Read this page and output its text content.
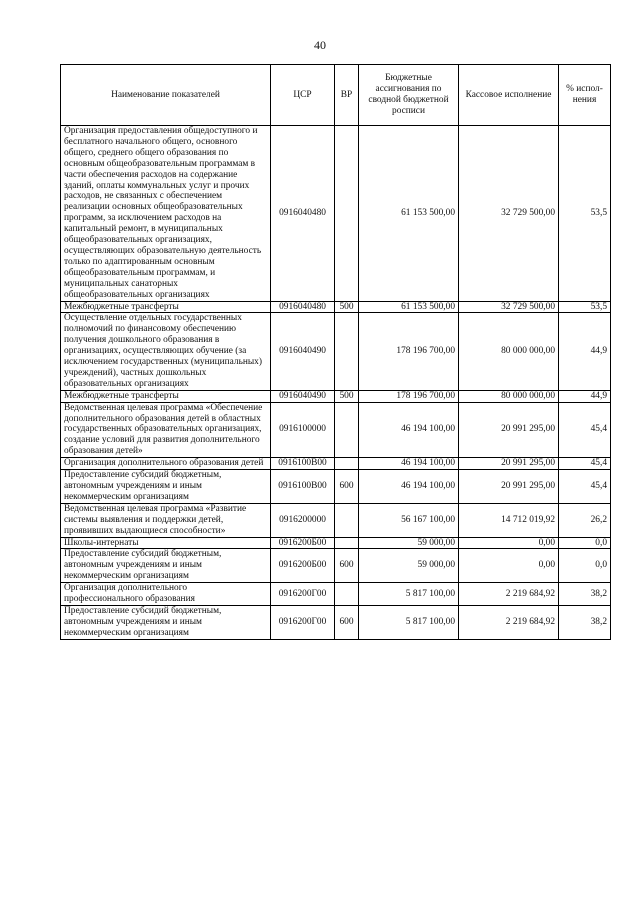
40
Наименование показателей	ЦСР	ВР	Бюджетные ассигнования по сводной бюджетной росписи	Кассовое исполнение	% испол-нения
Организация предоставления общедоступного и бесплатного начального общего, основного общего, среднего общего образования по основным общеобразовательным программам в части обеспечения расходов на содержание зданий, оплаты коммунальных услуг и прочих расходов, не связанных с обеспечением реализации основных общеобразовательных программ, за исключением расходов на капитальный ремонт, в муниципальных общеобразовательных организациях, осуществляющих образовательную деятельность только по адаптированным основным общеобразовательным программам, и муниципальных санаторных общеобразовательных организациях	0916040480		61 153 500,00	32 729 500,00	53,5
Межбюджетные трансферты	0916040480	500	61 153 500,00	32 729 500,00	53,5
Осуществление отдельных государственных полномочий по финансовому обеспечению получения дошкольного образования в организациях, осуществляющих обучение (за исключением государственных (муниципальных) учреждений), частных дошкольных образовательных организациях	0916040490		178 196 700,00	80 000 000,00	44,9
Межбюджетные трансферты	0916040490	500	178 196 700,00	80 000 000,00	44,9
Ведомственная целевая программа «Обеспечение дополнительного образования детей в областных государственных образовательных организациях, создание условий для развития дополнительного образования детей»	0916100000		46 194 100,00	20 991 295,00	45,4
Организация дополнительного образования детей	0916100В00		46 194 100,00	20 991 295,00	45,4
Предоставление субсидий бюджетным, автономным учреждениям и иным некоммерческим организациям	0916100В00	600	46 194 100,00	20 991 295,00	45,4
Ведомственная целевая программа «Развитие системы выявления и поддержки детей, проявивших выдающиеся способности»	0916200000		56 167 100,00	14 712 019,92	26,2
Школы-интернаты	0916200Б00		59 000,00	0,00	0,0
Предоставление субсидий бюджетным, автономным учреждениям и иным некоммерческим организациям	0916200Б00	600	59 000,00	0,00	0,0
Организация дополнительного профессионального образования	0916200Г00		5 817 100,00	2 219 684,92	38,2
Предоставление субсидий бюджетным, автономным учреждениям и иным некоммерческим организациям	0916200Г00	600	5 817 100,00	2 219 684,92	38,2
